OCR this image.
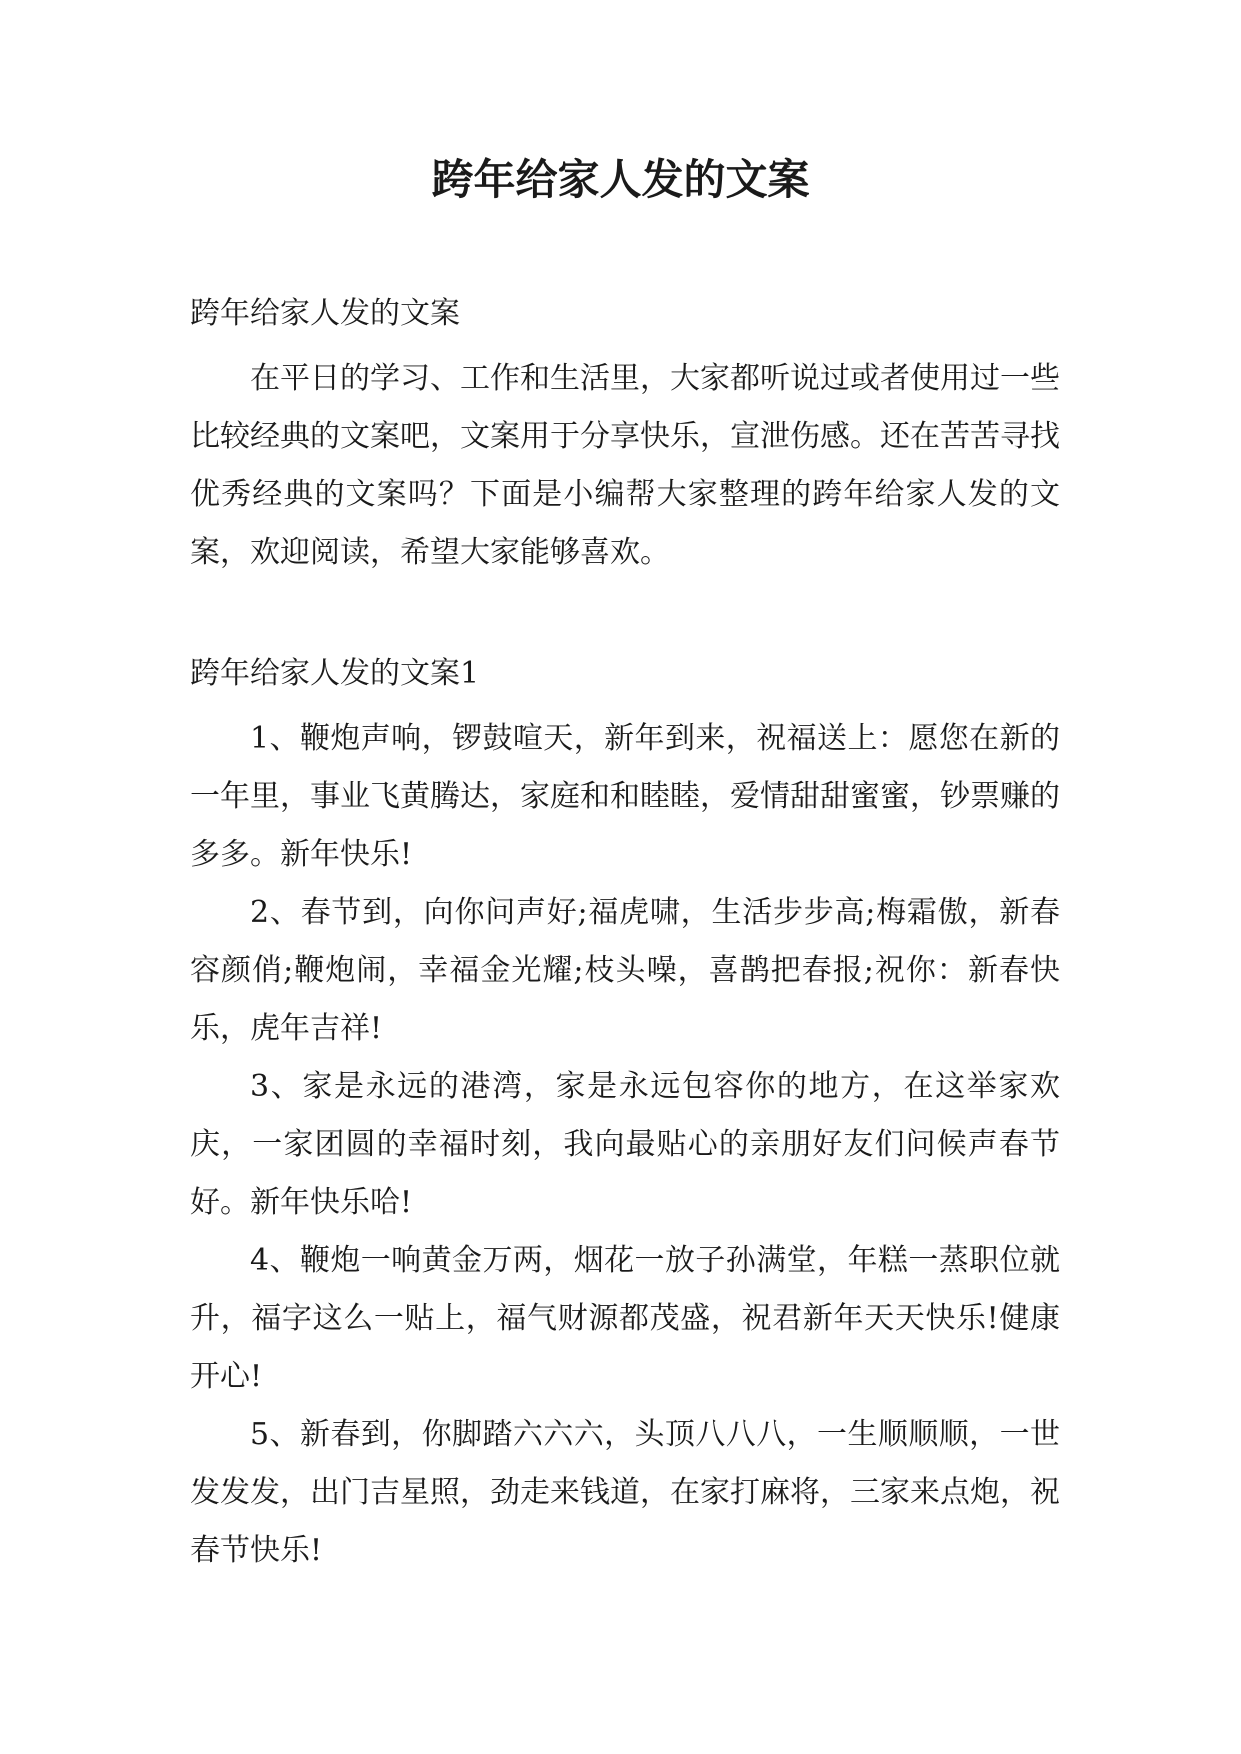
跨年给家人发的文案
跨年给家人发的文案

在平日的学习、工作和生活里，大家都听说过或者使用过一些比较经典的文案吧，文案用于分享快乐，宣泄伤感。还在苦苦寻找优秀经典的文案吗？下面是小编帮大家整理的跨年给家人发的文案，欢迎阅读，希望大家能够喜欢。

跨年给家人发的文案1

1、鞭炮声响，锣鼓喧天，新年到来，祝福送上：愿您在新的一年里，事业飞黄腾达，家庭和和睦睦，爱情甜甜蜜蜜，钞票赚的多多。新年快乐!

2、春节到，向你问声好;福虎啸，生活步步高;梅霜傲，新春容颜俏;鞭炮闹，幸福金光耀;枝头噪，喜鹊把春报;祝你：新春快乐，虎年吉祥!

3、家是永远的港湾，家是永远包容你的地方，在这举家欢庆，一家团圆的幸福时刻，我向最贴心的亲朋好友们问候声春节好。新年快乐哈!

4、鞭炮一响黄金万两，烟花一放子孙满堂，年糕一蒸职位就升，福字这么一贴上，福气财源都茂盛，祝君新年天天快乐!健康开心!

5、新春到，你脚踏六六六，头顶八八八，一生顺顺顺，一世发发发，出门吉星照，劲走来钱道，在家打麻将，三家来点炮，祝春节快乐!
